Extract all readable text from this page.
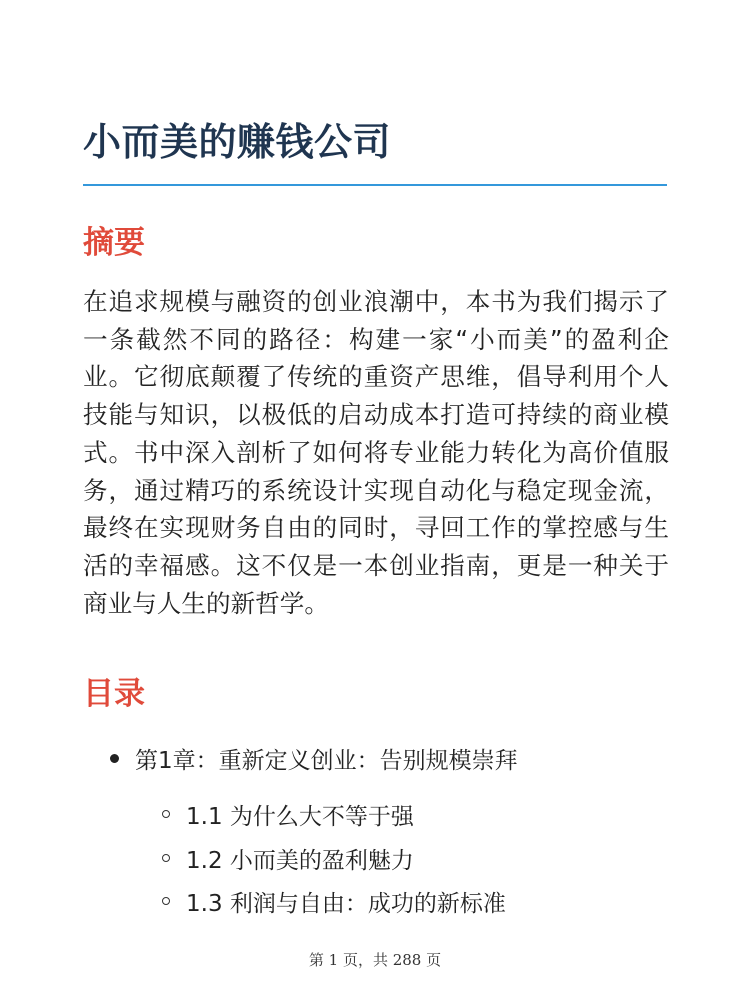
小而美的赚钱公司
摘要

在追求规模与融资的创业浪潮中，本书为我们揭示了一条截然不同的路径：构建一家“小而美”的盈利企业。它彻底颠覆了传统的重资产思维，倡导利用个人技能与知识，以极低的启动成本打造可持续的商业模式。书中深入剖析了如何将专业能力转化为高价值服务，通过精巧的系统设计实现自动化与稳定现金流，最终在实现财务自由的同时，寻回工作的掌控感与生活的幸福感。这不仅是一本创业指南，更是一种关于商业与人生的新哲学。

目录
第1章：重新定义创业：告别规模崇拜
1.1 为什么大不等于强
1.2 小而美的盈利魅力
1.3 利润与自由：成功的新标准
第 1 页，共 288 页
